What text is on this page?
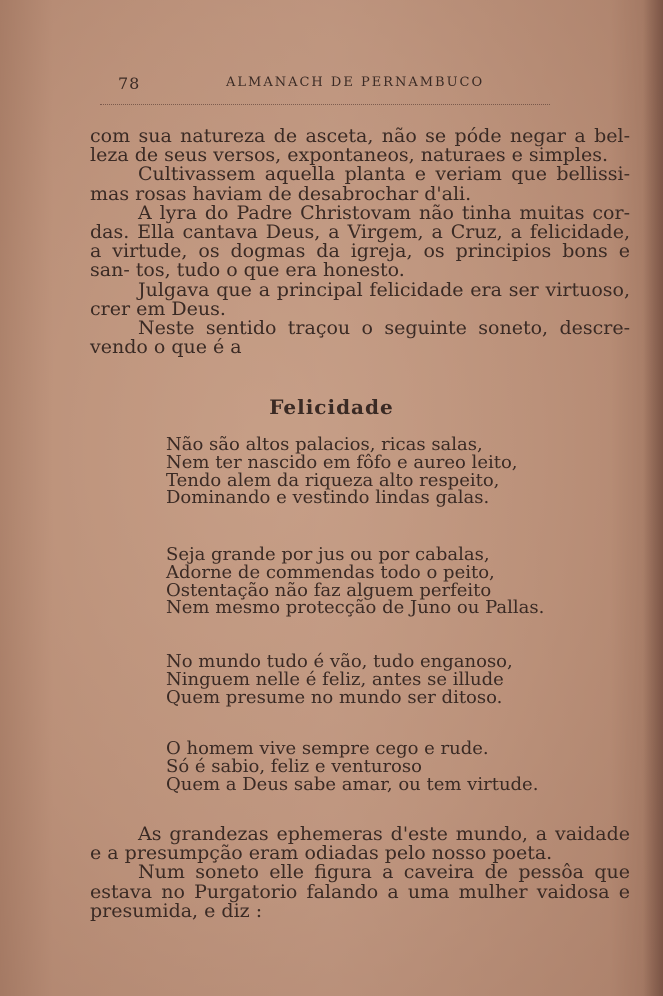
78	ALMANACH DE PERNAMBUCO

com sua natureza de asceta, não se póde negar a bel- leza de seus versos, expontaneos, naturaes e simples.

Cultivassem aquella planta e veriam que bellissi- mas rosas haviam de desabrochar d'ali.

A lyra do Padre Christovam não tinha muitas cor- das. Ella cantava Deus, a Virgem, a Cruz, a felicidade, a virtude, os dogmas da igreja, os principios bons e san- tos, tudo o que era honesto.

Julgava que a principal felicidade era ser virtuoso, crer em Deus.

Neste sentido traçou o seguinte soneto, descre- vendo o que é a

Felicidade
Não são altos palacios, ricas salas,
Nem ter nascido em fôfo e aureo leito,
Tendo alem da riqueza alto respeito,
Dominando e vestindo lindas galas.
Seja grande por jus ou por cabalas,
Adorne de commendas todo o peito,
Ostentação não faz alguem perfeito
Nem mesmo protecção de Juno ou Pallas.
No mundo tudo é vão, tudo enganoso,
Ninguem nelle é feliz, antes se illude
Quem presume no mundo ser ditoso.
O homem vive sempre cego e rude.
Só é sabio, feliz e venturoso
Quem a Deus sabe amar, ou tem virtude.

As grandezas ephemeras d'este mundo, a vaidade e a presumpção eram odiadas pelo nosso poeta.

Num soneto elle figura a caveira de pessôa que estava no Purgatorio falando a uma mulher vaidosa e presumida, e diz :
